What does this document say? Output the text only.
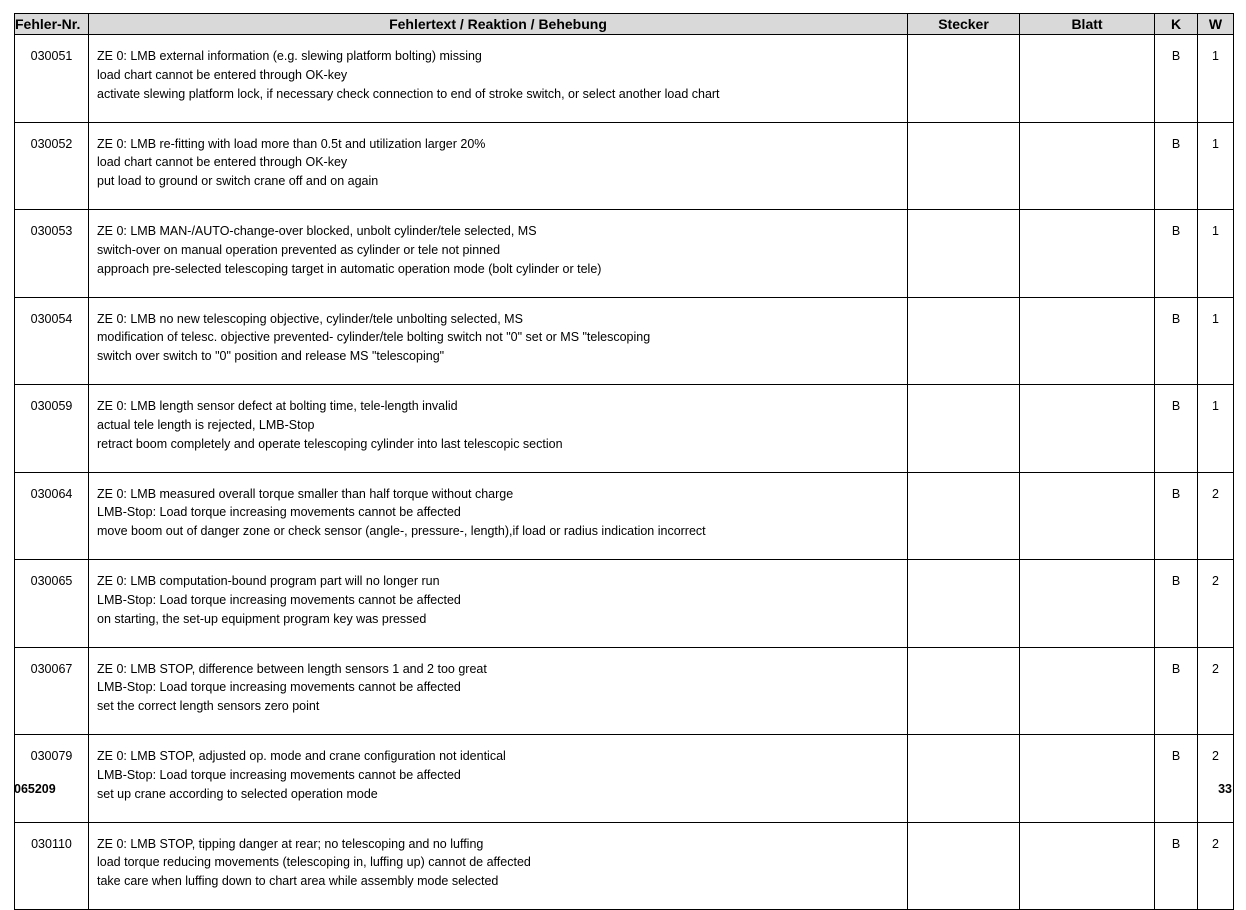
Fehler-Nr.	Fehlertext / Reaktion / Behebung	Stecker	Blatt	K	W
030051	ZE 0: LMB external information (e.g. slewing platform bolting) missing
load chart cannot be entered through OK-key
activate slewing platform lock, if necessary check connection to end of stroke switch, or select another load chart			B	1
030052	ZE 0: LMB re-fitting with load more than 0.5t and utilization larger 20%
load chart cannot be entered through OK-key
put load to ground or switch crane off and on again			B	1
030053	ZE 0: LMB MAN-/AUTO-change-over blocked, unbolt cylinder/tele selected, MS
switch-over on manual operation prevented as cylinder or tele not pinned
approach pre-selected telescoping target in automatic operation mode (bolt cylinder or tele)			B	1
030054	ZE 0: LMB no new telescoping objective, cylinder/tele unbolting selected, MS
modification of telesc. objective prevented- cylinder/tele bolting switch not "0" set or MS "telescoping
switch over switch to "0" position and release MS "telescoping"			B	1
030059	ZE 0: LMB length sensor defect at bolting time, tele-length invalid
actual tele length is rejected, LMB-Stop
retract boom completely and operate telescoping cylinder into last telescopic section			B	1
030064	ZE 0: LMB measured overall torque smaller than half torque without charge
LMB-Stop: Load torque increasing movements cannot be affected
move boom out of danger zone or check sensor (angle-, pressure-, length),if load or radius indication incorrect			B	2
030065	ZE 0: LMB computation-bound program part will no longer run
LMB-Stop: Load torque increasing movements cannot be affected
on starting, the set-up equipment program key was pressed			B	2
030067	ZE 0: LMB STOP, difference between length sensors 1 and 2 too great
LMB-Stop: Load torque increasing movements cannot be affected
set the correct length sensors zero point			B	2
030079	ZE 0: LMB STOP, adjusted op. mode and crane configuration not identical
LMB-Stop: Load torque increasing movements cannot be affected
set up crane according to selected operation mode			B	2
030110	ZE 0: LMB STOP, tipping danger at rear; no telescoping and no luffing
load torque reducing movements (telescoping in, luffing up) cannot de affected
take care when luffing down to chart area while assembly mode selected			B	2
065209	33
